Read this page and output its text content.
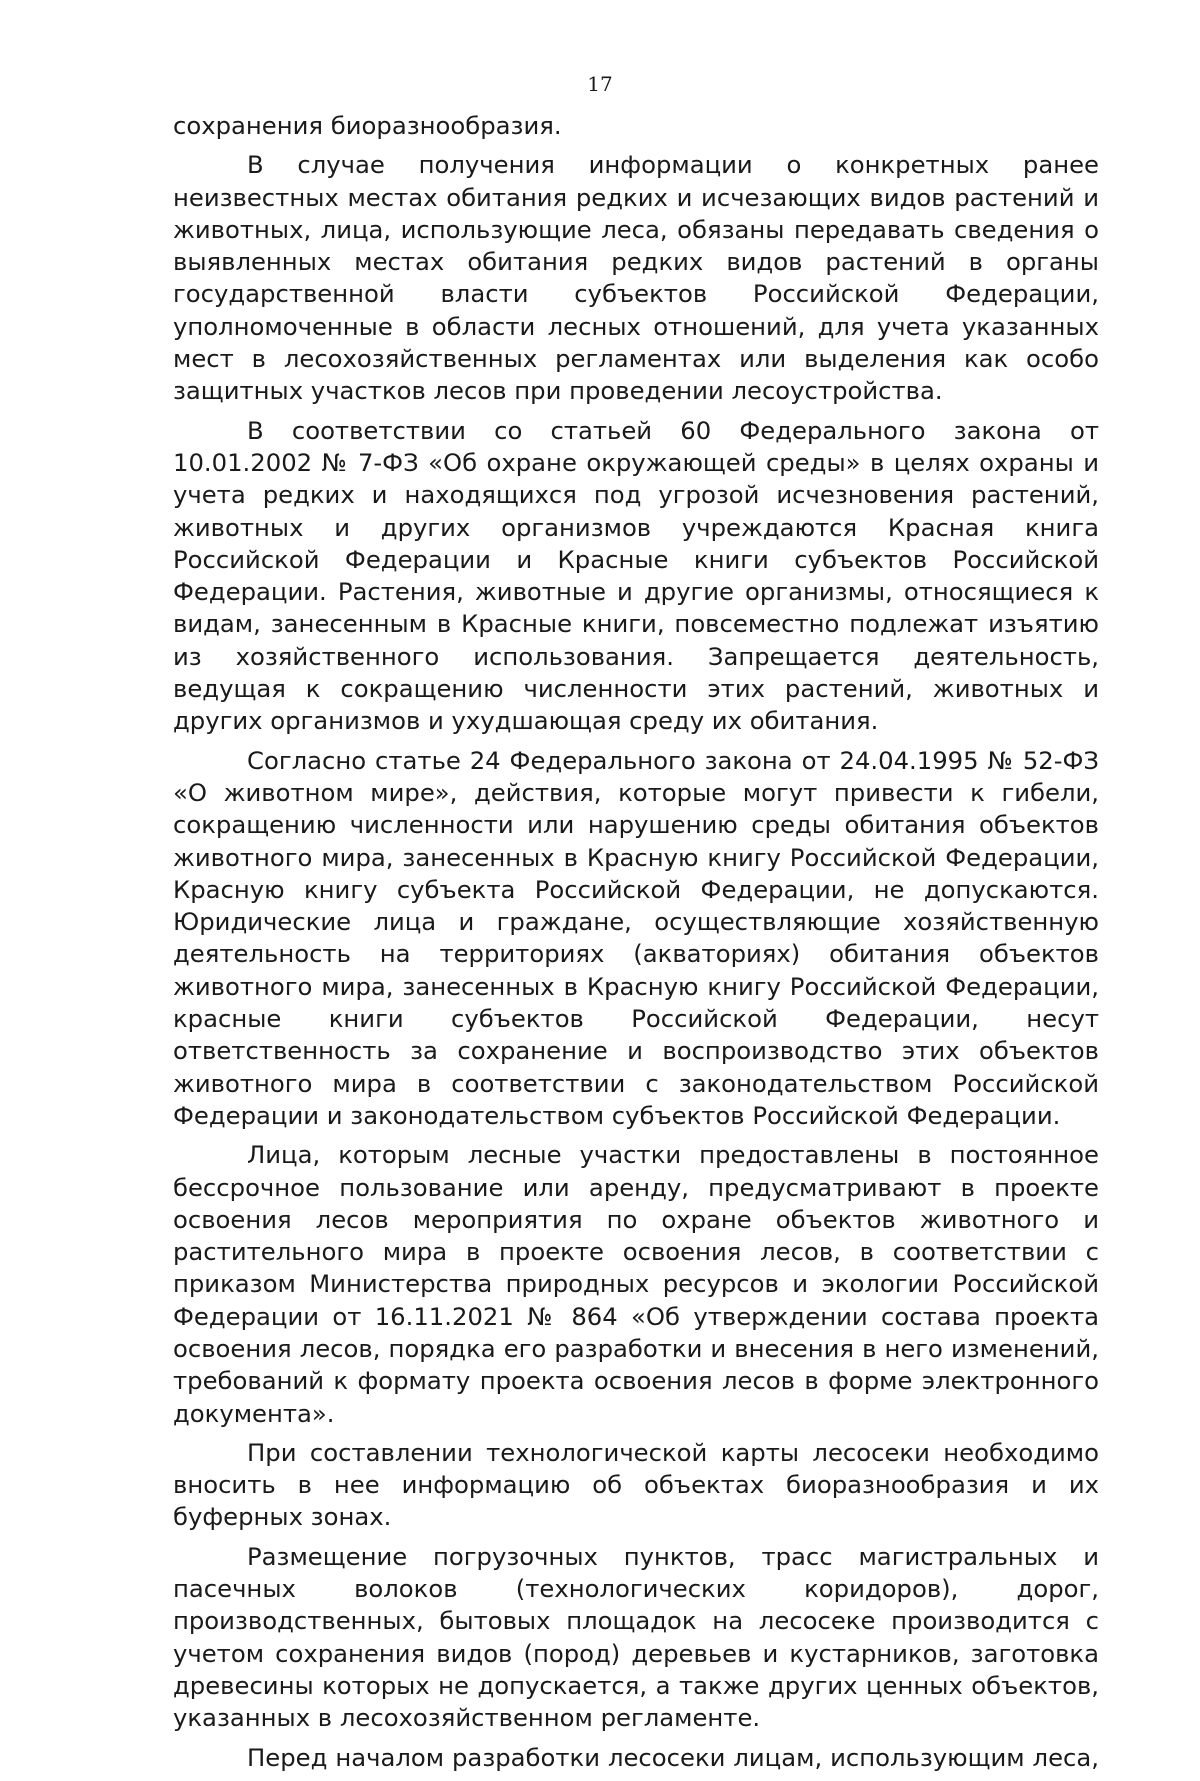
17

сохранения биоразнообразия.

В случае получения информации о конкретных ранее неизвестных местах обитания редких и исчезающих видов растений и животных, лица, использующие леса, обязаны передавать сведения о выявленных местах обитания редких видов растений в органы государственной власти субъектов Российской Федерации, уполномоченные в области лесных отношений, для учета указанных мест в лесохозяйственных регламентах или выделения как особо защитных участков лесов при проведении лесоустройства.

В соответствии со статьей 60 Федерального закона от 10.01.2002 № 7-ФЗ «Об охране окружающей среды» в целях охраны и учета редких и находящихся под угрозой исчезновения растений, животных и других организмов учреждаются Красная книга Российской Федерации и Красные книги субъектов Российской Федерации. Растения, животные и другие организмы, относящиеся к видам, занесенным в Красные книги, повсеместно подлежат изъятию из хозяйственного использования. Запрещается деятельность, ведущая к сокращению численности этих растений, животных и других организмов и ухудшающая среду их обитания.

Согласно статье 24 Федерального закона от 24.04.1995 № 52-ФЗ «О животном мире», действия, которые могут привести к гибели, сокращению численности или нарушению среды обитания объектов животного мира, занесенных в Красную книгу Российской Федерации, Красную книгу субъекта Российской Федерации, не допускаются. Юридические лица и граждане, осуществляющие хозяйственную деятельность на территориях (акваториях) обитания объектов животного мира, занесенных в Красную книгу Российской Федерации, красные книги субъектов Российской Федерации, несут ответственность за сохранение и воспроизводство этих объектов животного мира в соответствии с законодательством Российской Федерации и законодательством субъектов Российской Федерации.

Лица, которым лесные участки предоставлены в постоянное бессрочное пользование или аренду, предусматривают в проекте освоения лесов мероприятия по охране объектов животного и растительного мира в проекте освоения лесов, в соответствии с приказом Министерства природных ресурсов и экологии Российской Федерации от 16.11.2021 № 864 «Об утверждении состава проекта освоения лесов, порядка его разработки и внесения в него изменений, требований к формату проекта освоения лесов в форме электронного документа».

При составлении технологической карты лесосеки необходимо вносить в нее информацию об объектах биоразнообразия и их буферных зонах.

Размещение погрузочных пунктов, трасс магистральных и пасечных волоков (технологических коридоров), дорог, производственных, бытовых площадок на лесосеке производится с учетом сохранения видов (пород) деревьев и кустарников, заготовка древесины которых не допускается, а также других ценных объектов, указанных в лесохозяйственном регламенте.

Перед началом разработки лесосеки лицам, использующим леса,
